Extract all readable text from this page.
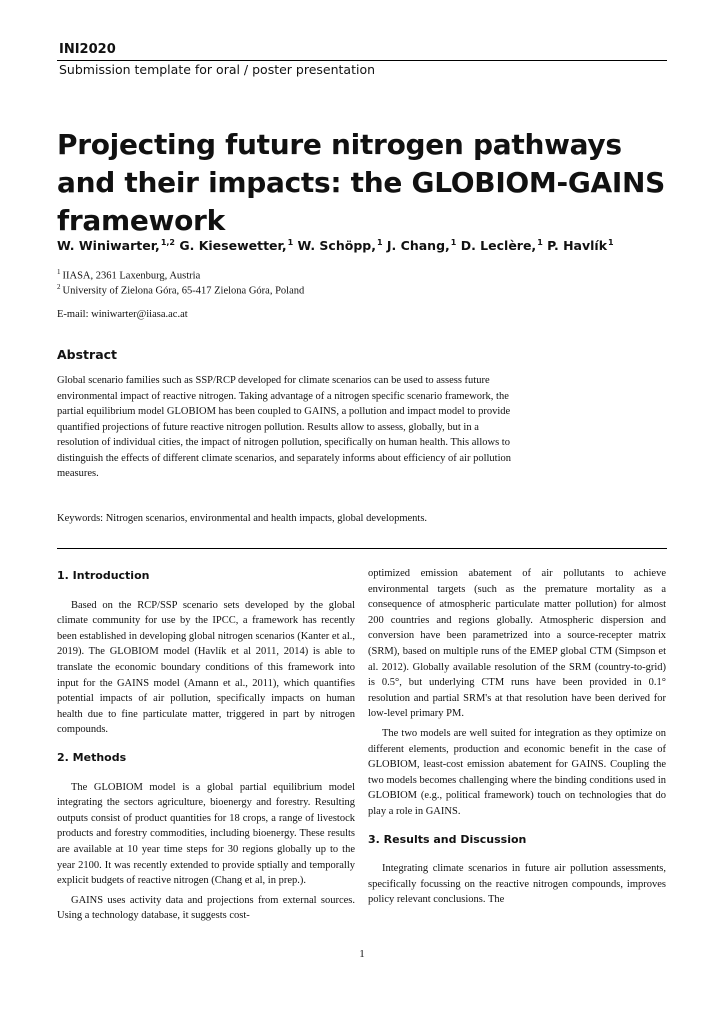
INI2020
Submission template for oral / poster presentation
Projecting future nitrogen pathways and their impacts: the GLOBIOM-GAINS framework
W. Winiwarter,$^{1,2}$ G. Kiesewetter,$^1$ W. Schöpp,$^1$ J. Chang,$^1$ D. Leclère,$^1$ P. Havlík$^1$
$^1$ IIASA, 2361 Laxenburg, Austria
$^2$ University of Zielona Góra, 65-417 Zielona Góra, Poland
E-mail: winiwarter@iiasa.ac.at
Abstract
Global scenario families such as SSP/RCP developed for climate scenarios can be used to assess future environmental impact of reactive nitrogen. Taking advantage of a nitrogen specific scenario framework, the partial equilibrium model GLOBIOM has been coupled to GAINS, a pollution and impact model to provide quantified projections of future reactive nitrogen pollution. Results allow to assess, globally, but in a resolution of individual cities, the impact of nitrogen pollution, specifically on human health. This allows to distinguish the effects of different climate scenarios, and separately informs about efficiency of air pollution measures.
Keywords: Nitrogen scenarios, environmental and health impacts, global developments.

1. Introduction

Based on the RCP/SSP scenario sets developed by the global climate community for use by the IPCC, a framework has recently been established in developing global nitrogen scenarios (Kanter et al., 2019). The GLOBIOM model (Havlík et al 2011, 2014) is able to translate the economic boundary conditions of this framework into input for the GAINS model (Amann et al., 2011), which quantifies potential impacts of air pollution, specifically impacts on human health due to fine particulate matter, triggered in part by nitrogen compounds.

2. Methods

The GLOBIOM model is a global partial equilibrium model integrating the sectors agriculture, bioenergy and forestry. Resulting outputs consist of product quantities for 18 crops, a range of livestock products and forestry commodities, including bioenergy. These results are available at 10 year time steps for 30 regions globally up to the year 2100. It was recently extended to provide sptially and temporally explicit budgets of reactive nitrogen (Chang et al, in prep.).

GAINS uses activity data and projections from external sources. Using a technology database, it suggests cost-

optimized emission abatement of air pollutants to achieve environmental targets (such as the premature mortality as a consequence of atmospheric particulate matter pollution) for almost 200 countries and regions globally. Atmospheric dispersion and conversion have been parametrized into a source-recepter matrix (SRM), based on multiple runs of the EMEP global CTM (Simpson et al. 2012). Globally available resolution of the SRM (country-to-grid) is 0.5°, but underlying CTM runs have been provided in 0.1° resolution and partial SRM's at that resolution have been derived for low-level primary PM.

The two models are well suited for integration as they optimize on different elements, production and economic benefit in the case of GLOBIOM, least-cost emission abatement for GAINS. Coupling the two models becomes challenging where the binding conditions used in GLOBIOM (e.g., political framework) touch on technologies that do play a role in GAINS.

3. Results and Discussion

Integrating climate scenarios in future air pollution assessments, specifically focussing on the reactive nitrogen compounds, improves policy relevant conclusions. The

1
